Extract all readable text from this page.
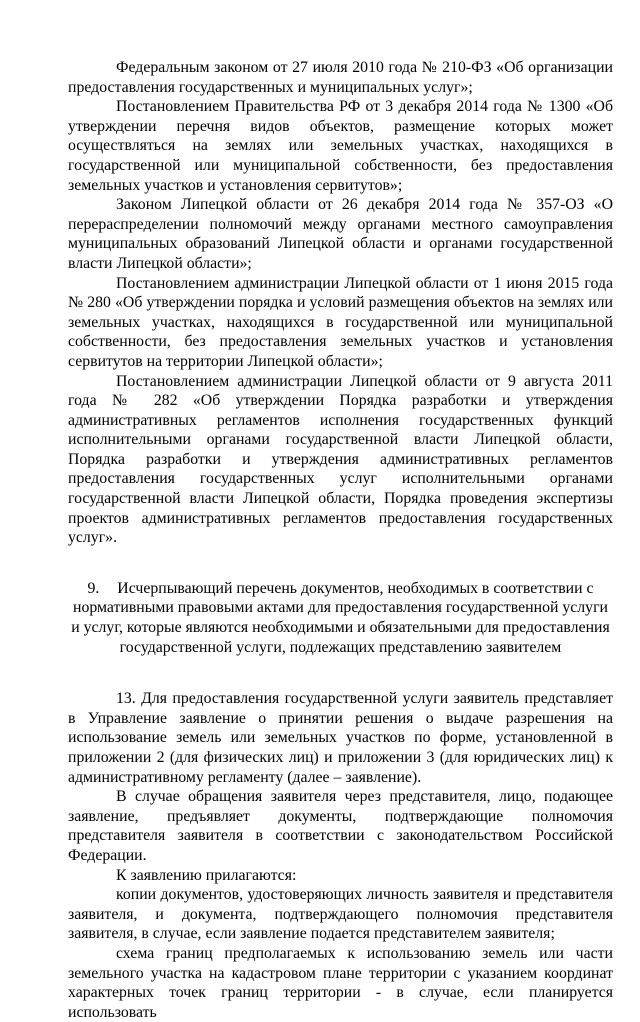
Федеральным законом от 27 июля 2010 года № 210-ФЗ «Об организации предоставления государственных и муниципальных услуг»;

Постановлением Правительства РФ от 3 декабря 2014 года № 1300 «Об утверждении перечня видов объектов, размещение которых может осуществляться на землях или земельных участках, находящихся в государственной или муниципальной собственности, без предоставления земельных участков и установления сервитутов»;

Законом Липецкой области от 26 декабря 2014 года № 357-ОЗ «О перераспределении полномочий между органами местного самоуправления муниципальных образований Липецкой области и органами государственной власти Липецкой области»;

Постановлением администрации Липецкой области от 1 июня 2015 года № 280 «Об утверждении порядка и условий размещения объектов на землях или земельных участках, находящихся в государственной или муниципальной собственности, без предоставления земельных участков и установления сервитутов на территории Липецкой области»;

Постановлением администрации Липецкой области от 9 августа 2011 года № 282 «Об утверждении Порядка разработки и утверждения административных регламентов исполнения государственных функций исполнительными органами государственной власти Липецкой области, Порядка разработки и утверждения административных регламентов предоставления государственных услуг исполнительными органами государственной власти Липецкой области, Порядка проведения экспертизы проектов административных регламентов предоставления государственных услуг».

9. Исчерпывающий перечень документов, необходимых в соответствии с нормативными правовыми актами для предоставления государственной услуги и услуг, которые являются необходимыми и обязательными для предоставления государственной услуги, подлежащих представлению заявителем

13. Для предоставления государственной услуги заявитель представляет в Управление заявление о принятии решения о выдаче разрешения на использование земель или земельных участков по форме, установленной в приложении 2 (для физических лиц) и приложении 3 (для юридических лиц) к административному регламенту (далее – заявление).

В случае обращения заявителя через представителя, лицо, подающее заявление, предъявляет документы, подтверждающие полномочия представителя заявителя в соответствии с законодательством Российской Федерации.

К заявлению прилагаются:

копии документов, удостоверяющих личность заявителя и представителя заявителя, и документа, подтверждающего полномочия представителя заявителя, в случае, если заявление подается представителем заявителя;

схема границ предполагаемых к использованию земель или части земельного участка на кадастровом плане территории с указанием координат характерных точек границ территории - в случае, если планируется использовать
